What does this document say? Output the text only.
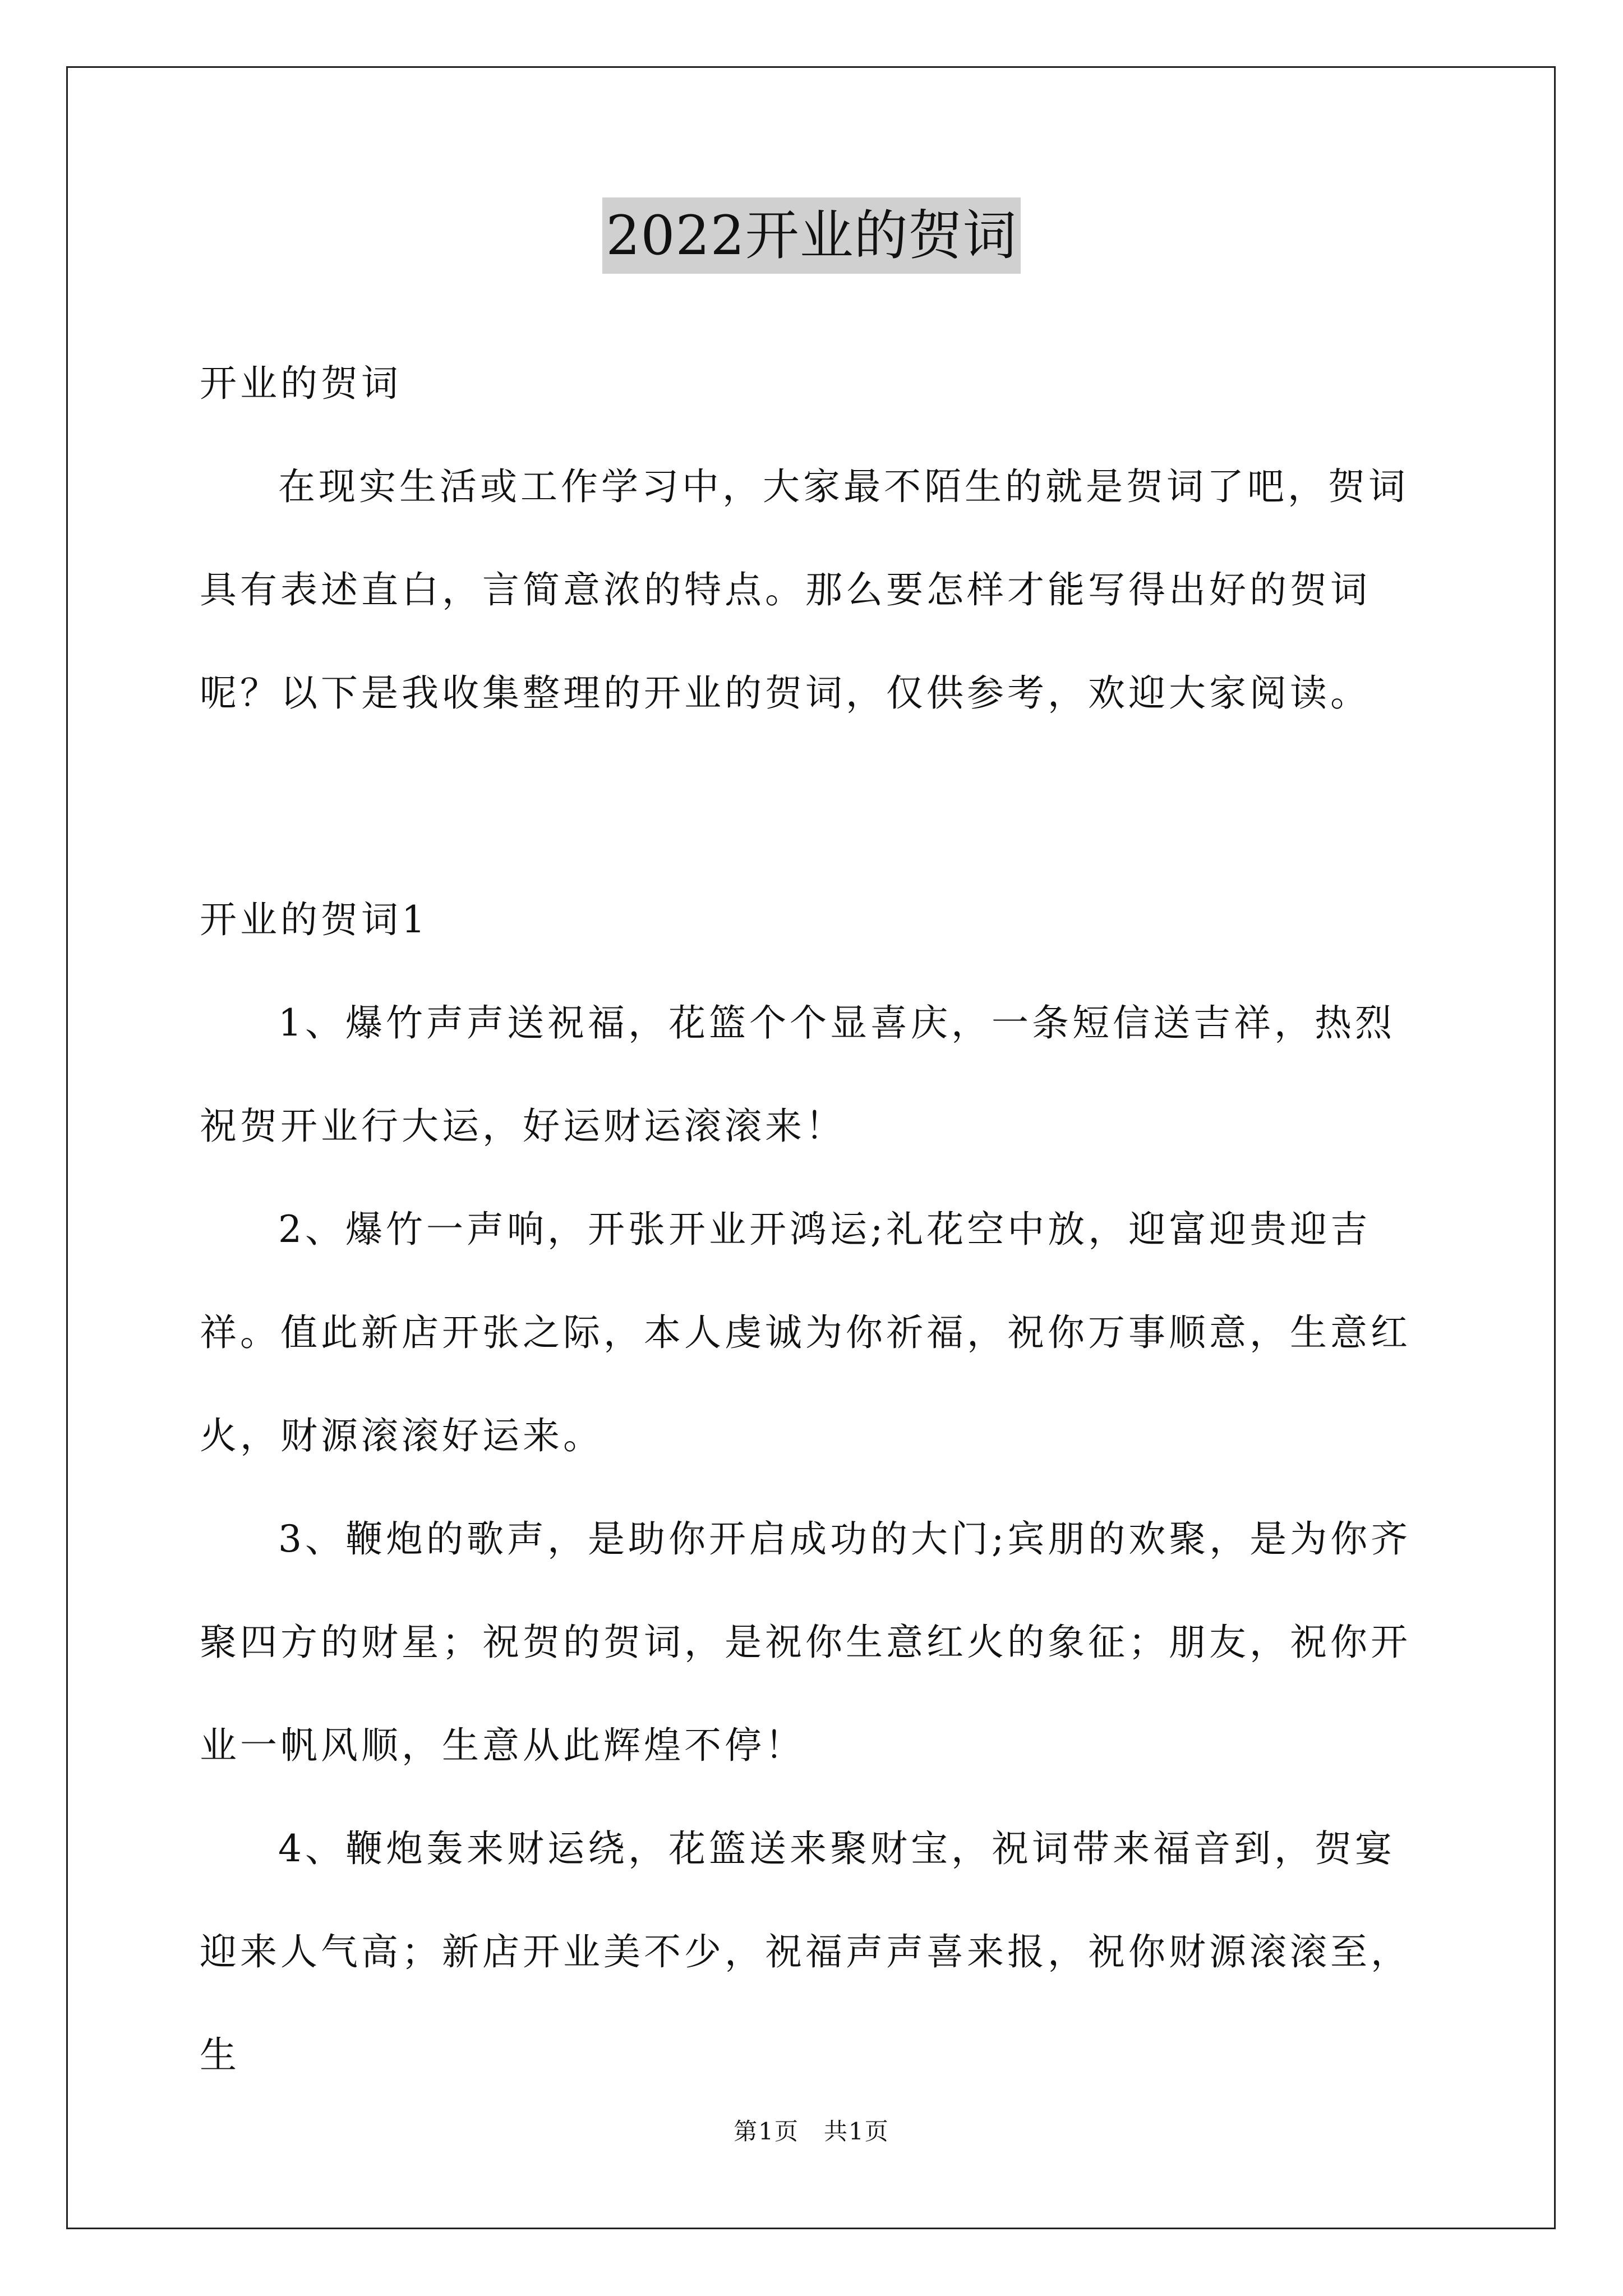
2022开业的贺词

开业的贺词

在现实生活或工作学习中，大家最不陌生的就是贺词了吧，贺词具有表述直白，言简意浓的特点。那么要怎样才能写得出好的贺词呢？以下是我收集整理的开业的贺词，仅供参考，欢迎大家阅读。

开业的贺词1

1、爆竹声声送祝福，花篮个个显喜庆，一条短信送吉祥，热烈祝贺开业行大运，好运财运滚滚来！

2、爆竹一声响，开张开业开鸿运;礼花空中放，迎富迎贵迎吉祥。值此新店开张之际，本人虔诚为你祈福，祝你万事顺意，生意红火，财源滚滚好运来。

3、鞭炮的歌声，是助你开启成功的大门;宾朋的欢聚，是为你齐聚四方的财星；祝贺的贺词，是祝你生意红火的象征；朋友，祝你开业一帆风顺，生意从此辉煌不停！

4、鞭炮轰来财运绕，花篮送来聚财宝，祝词带来福音到，贺宴迎来人气高；新店开业美不少，祝福声声喜来报，祝你财源滚滚至，生

第1页　共1页
